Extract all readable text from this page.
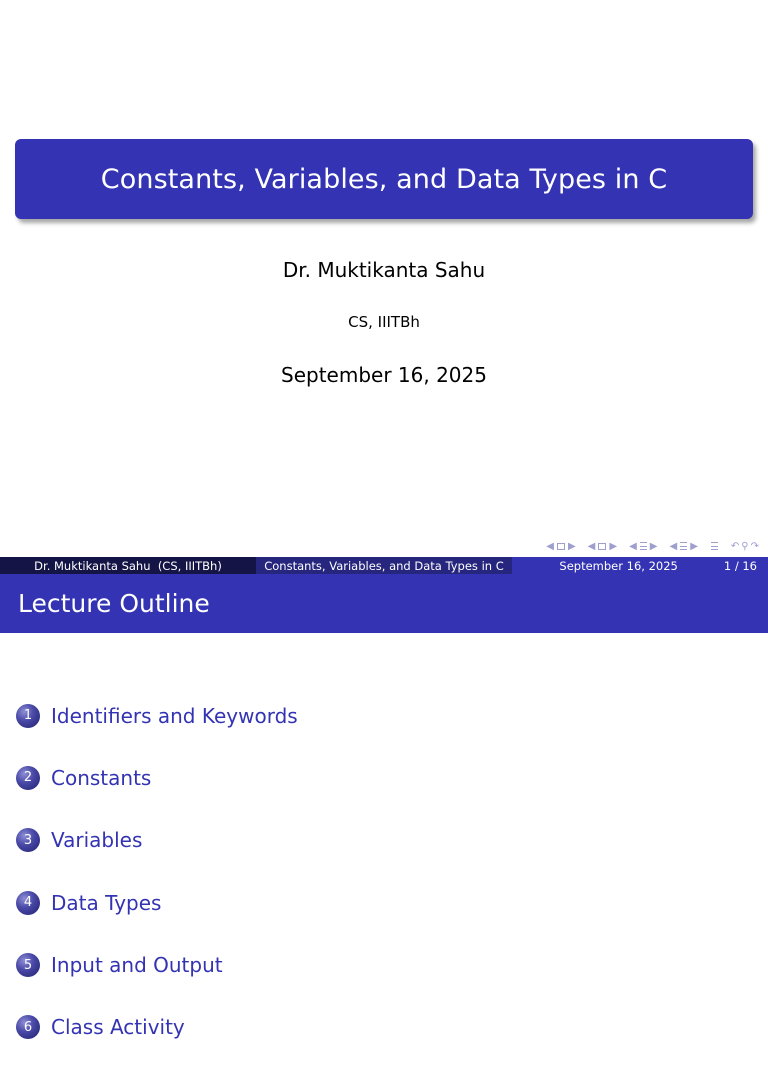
Constants, Variables, and Data Types in C
Dr. Muktikanta Sahu
CS, IIITBh
September 16, 2025
◀ ▶ ◀ ▶ ◀ ▶ ◀ ▶	↶ ⚲ ↷
Dr. Muktikanta Sahu  (CS, IIITBh)	Constants, Variables, and Data Types in C	September 16, 2025	1 / 16
Lecture Outline
1 Identifiers and Keywords
2 Constants
3 Variables
4 Data Types
5 Input and Output
6 Class Activity
